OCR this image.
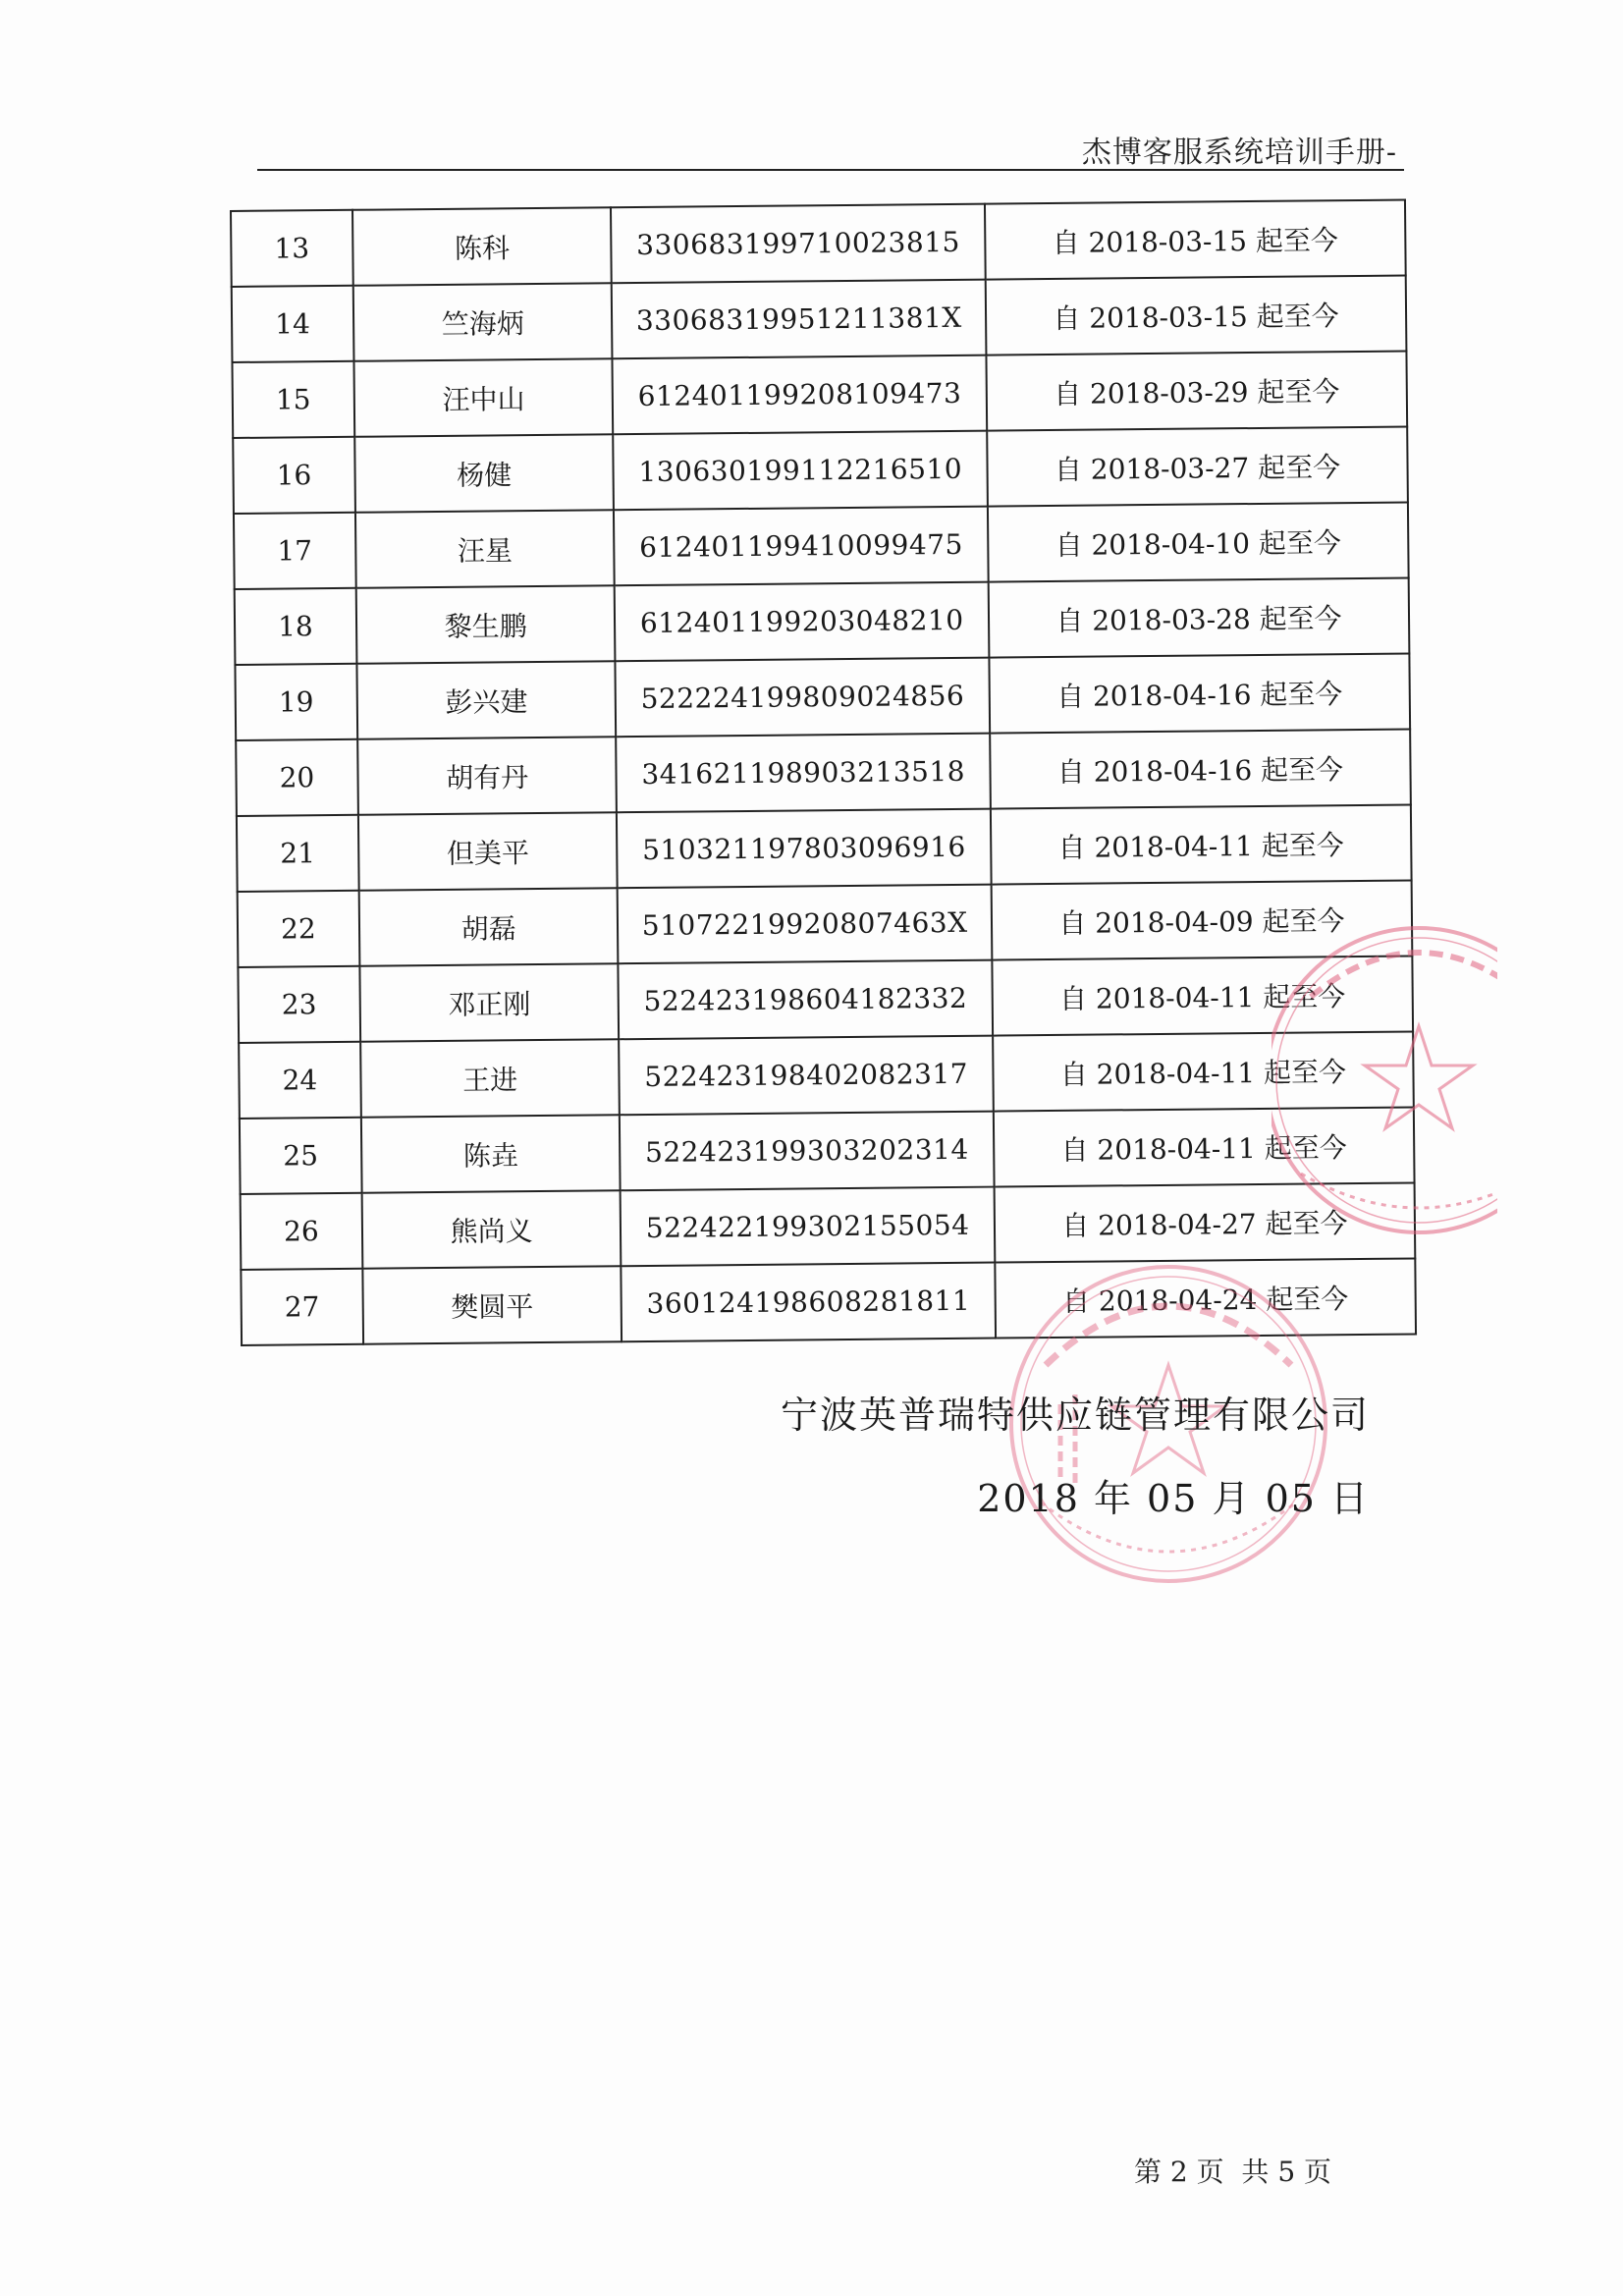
杰博客服系统培训手册-
13	陈科	330683199710023815	自 2018-03-15 起至今
14	竺海炳	33068319951211381X	自 2018-03-15 起至今
15	汪中山	612401199208109473	自 2018-03-29 起至今
16	杨健	130630199112216510	自 2018-03-27 起至今
17	汪星	612401199410099475	自 2018-04-10 起至今
18	黎生鹏	612401199203048210	自 2018-03-28 起至今
19	彭兴建	522224199809024856	自 2018-04-16 起至今
20	胡有丹	341621198903213518	自 2018-04-16 起至今
21	但美平	510321197803096916	自 2018-04-11 起至今
22	胡磊	51072219920807463X	自 2018-04-09 起至今
23	邓正刚	522423198604182332	自 2018-04-11 起至今
24	王进	522423198402082317	自 2018-04-11 起至今
25	陈垚	522423199303202314	自 2018-04-11 起至今
26	熊尚义	522422199302155054	自 2018-04-27 起至今
27	樊圆平	360124198608281811	自 2018-04-24 起至今
宁波英普瑞特供应链管理有限公司
2018 年 05 月 05 日
第 2 页  共 5 页
